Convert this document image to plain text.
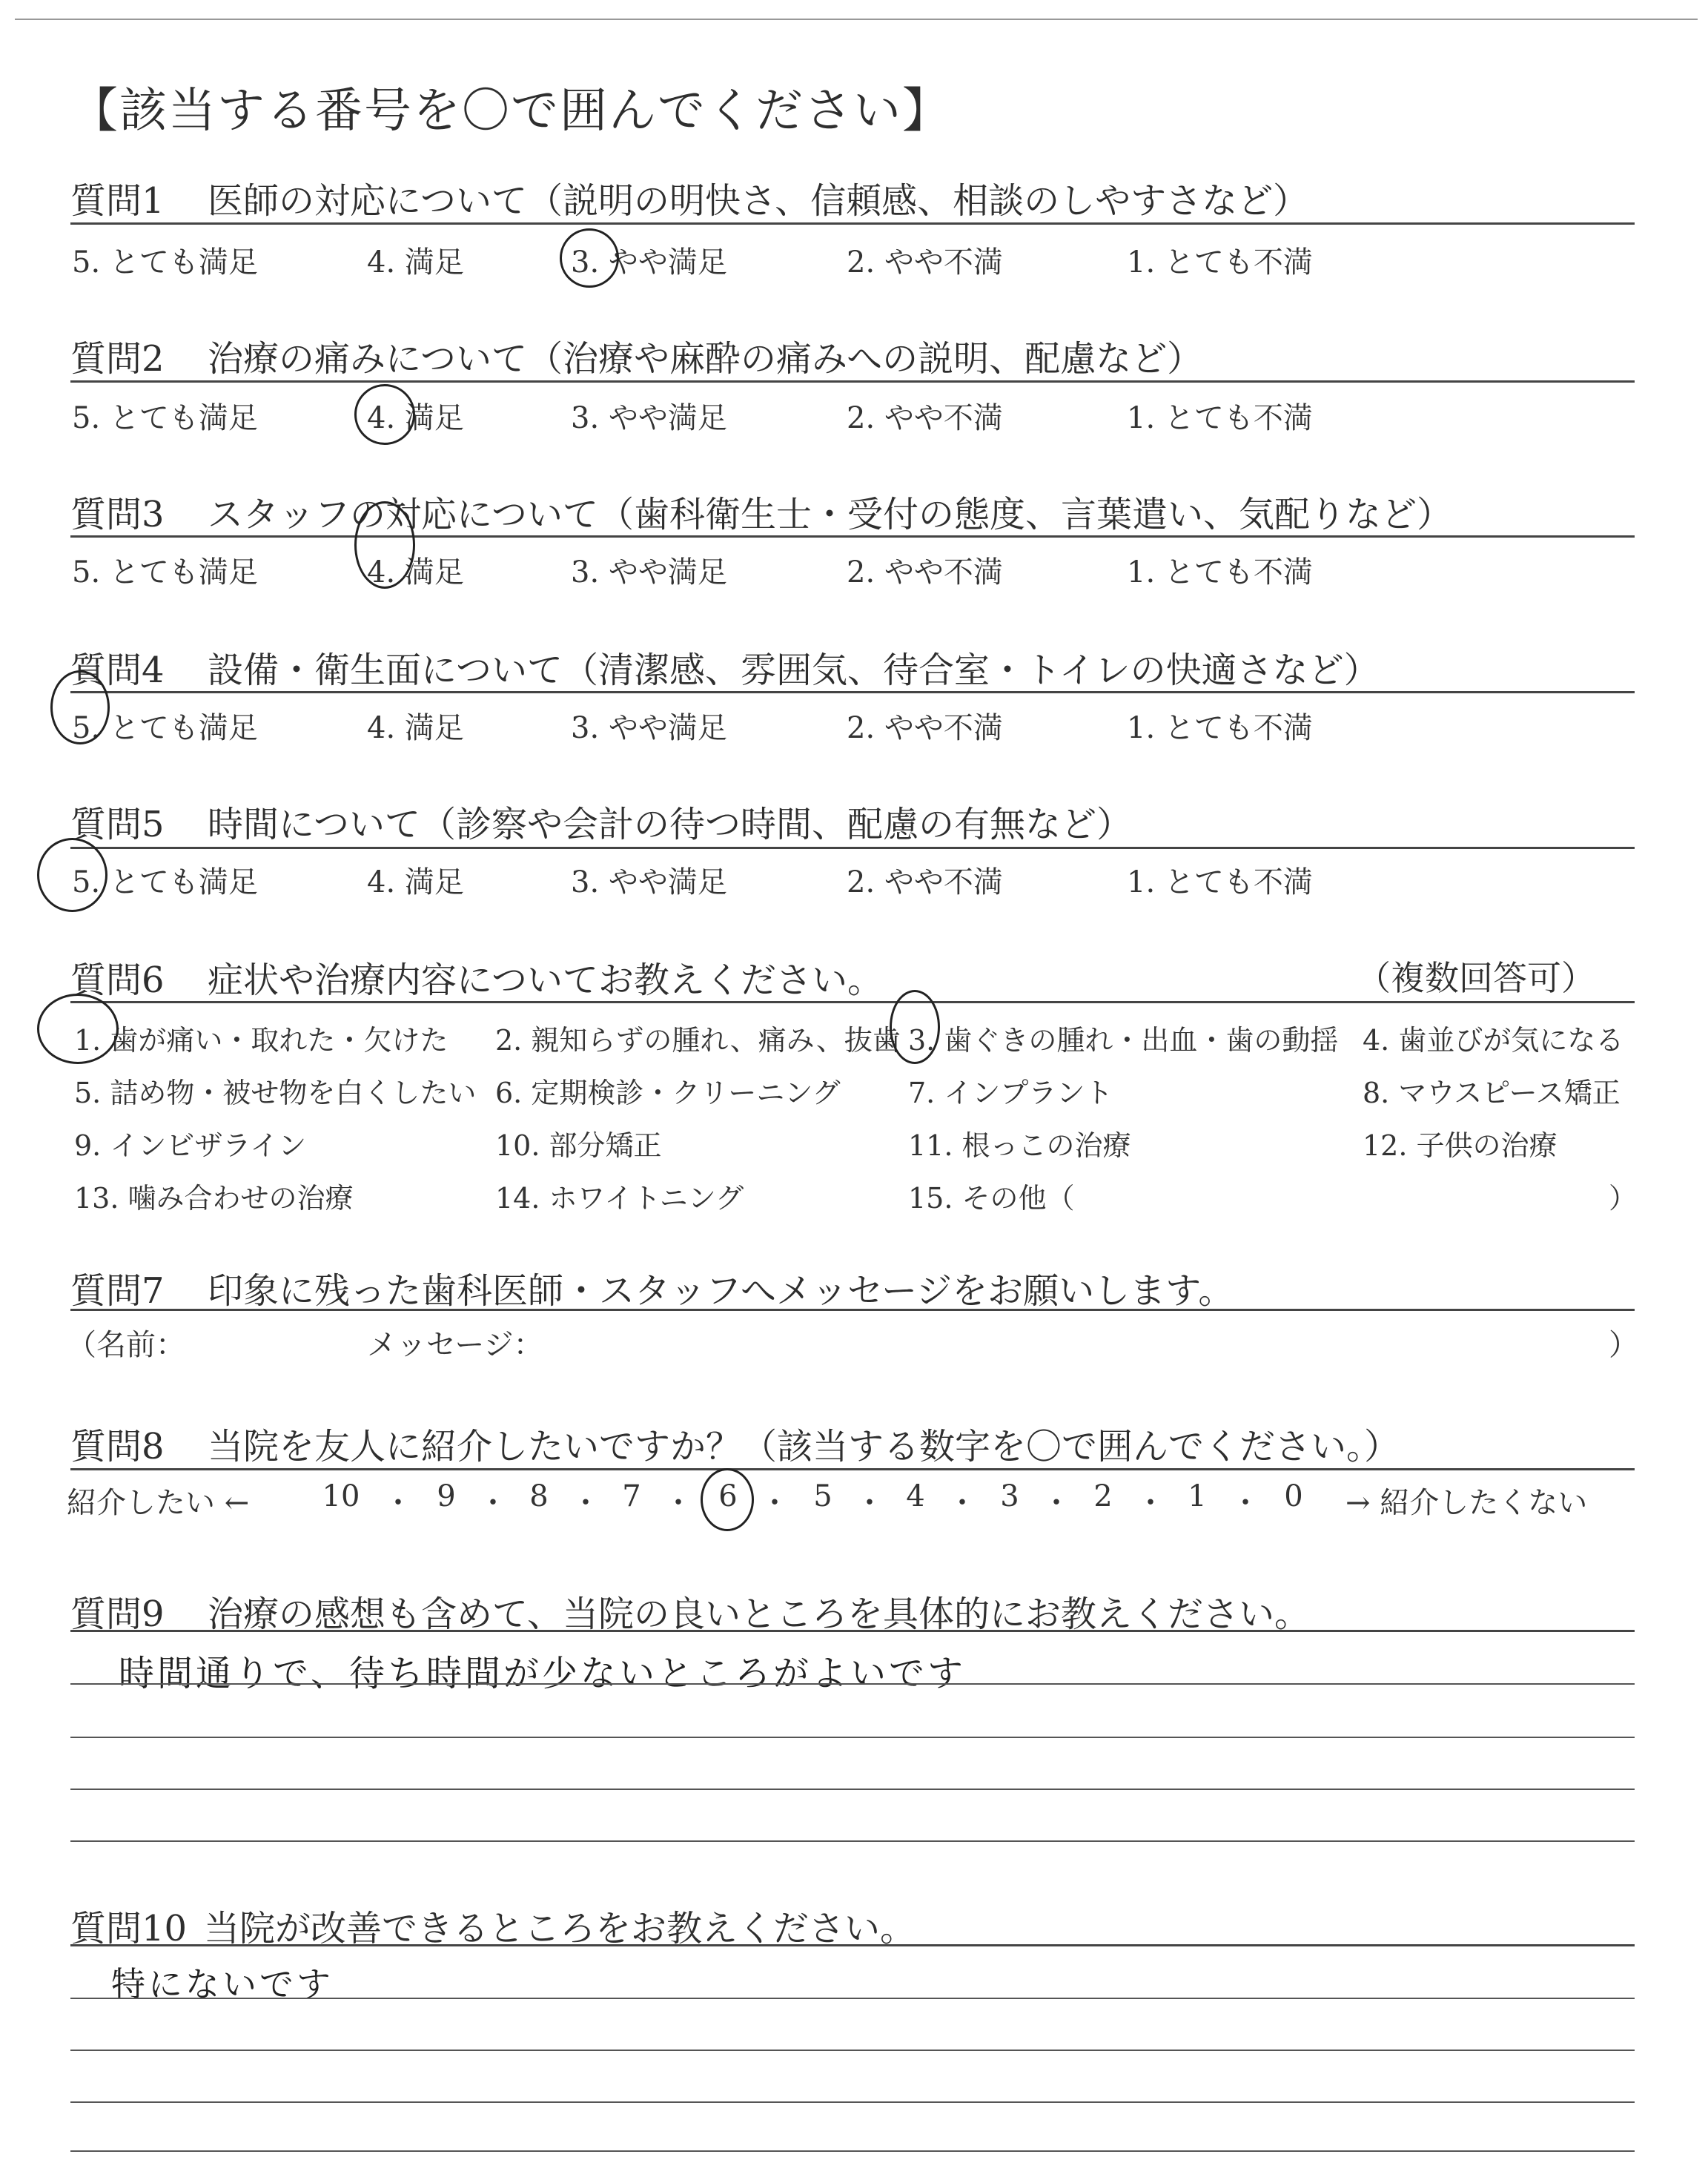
【該当する番号を〇で囲んでください】
質問1 医師の対応について（説明の明快さ、信頼感、相談のしやすさなど）
5. とても満足	4. 満足	3. やや満足	2. やや不満	1. とても不満
質問2 治療の痛みについて（治療や麻酔の痛みへの説明、配慮など）
5. とても満足	4. 満足	3. やや満足	2. やや不満	1. とても不満
質問3 スタッフの対応について（歯科衛生士・受付の態度、言葉遣い、気配りなど）
5. とても満足	4. 満足	3. やや満足	2. やや不満	1. とても不満
質問4 設備・衛生面について（清潔感、雰囲気、待合室・トイレの快適さなど）
5. とても満足	4. 満足	3. やや満足	2. やや不満	1. とても不満
質問5 時間について（診察や会計の待つ時間、配慮の有無など）
5. とても満足	4. 満足	3. やや満足	2. やや不満	1. とても不満
質問6 症状や治療内容についてお教えください。	（複数回答可）
1. 歯が痛い・取れた・欠けた 2. 親知らずの腫れ、痛み、抜歯 3. 歯ぐきの腫れ・出血・歯の動揺 4. 歯並びが気になる
5. 詰め物・被せ物を白くしたい 6. 定期検診・クリーニング 7. インプラント	8. マウスピース矯正
9. インビザライン	10. 部分矯正	11. 根っこの治療	12. 子供の治療
13. 噛み合わせの治療	14. ホワイトニング	15. その他（	）
質問7 印象に残った歯科医師・スタッフへメッセージをお願いします。
（名前：	メッセージ：	）
質問8 当院を友人に紹介したいですか？（該当する数字を〇で囲んでください。）
紹介したい ←	→ 紹介したくない
10 ・ 9 ・ 8 ・ 7 ・ 6 ・ 5 ・ 4 ・ 3 ・ 2 ・ 1 ・ 0
質問9 治療の感想も含めて、当院の良いところを具体的にお教えください。
時間通りで、待ち時間が少ないところがよいです
質問10 当院が改善できるところをお教えください。
特にないです
